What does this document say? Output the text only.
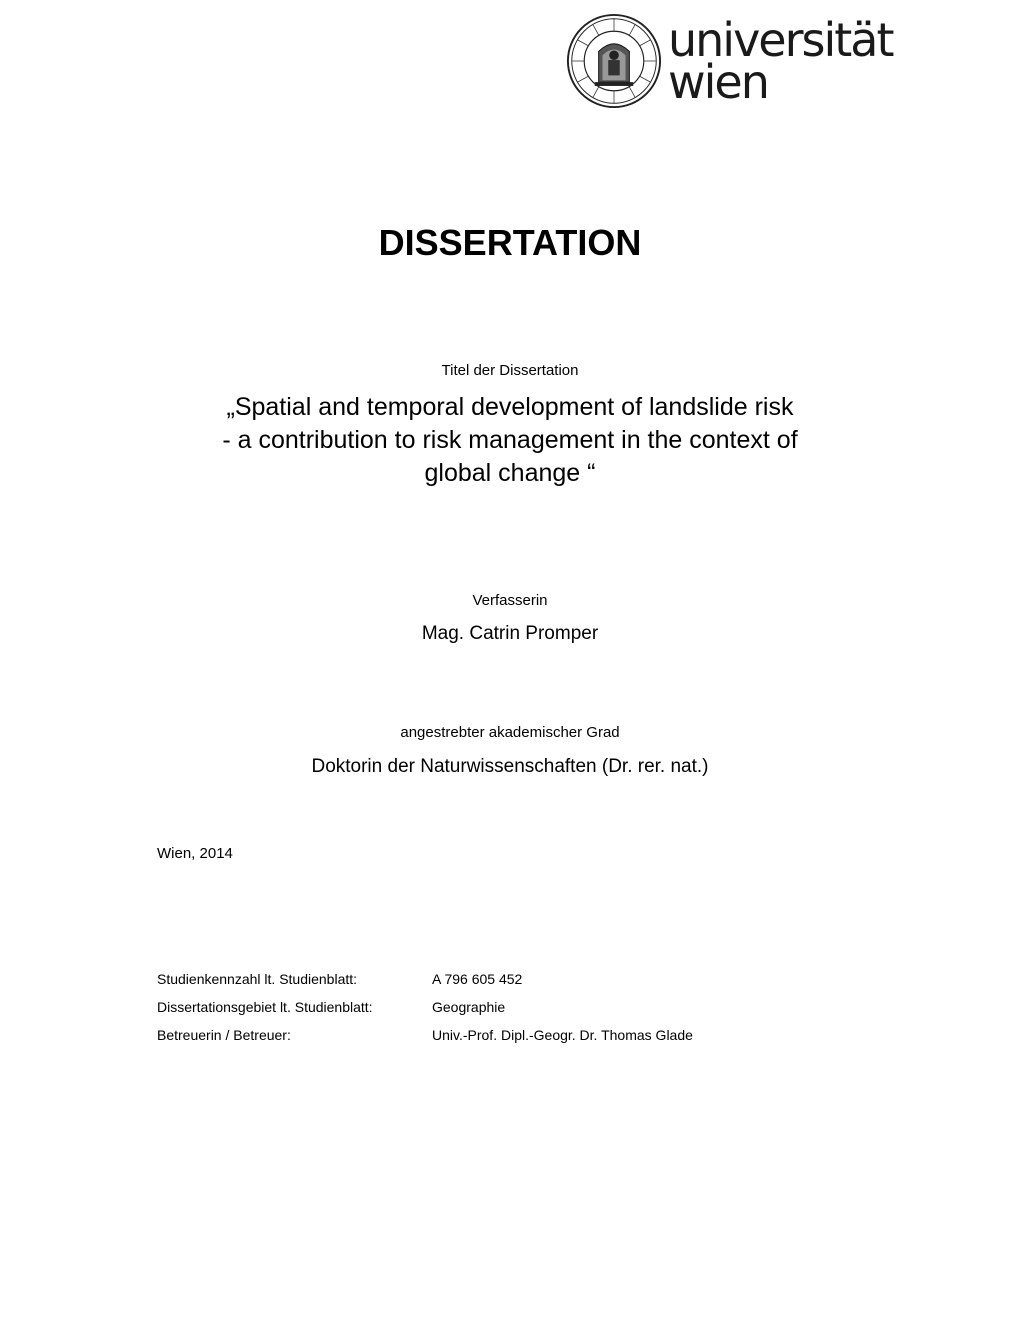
universität
wien
DISSERTATION
Titel der Dissertation
„Spatial and temporal development of landslide risk
- a contribution to risk management in the context of
global change “
Verfasserin
Mag. Catrin Promper
angestrebter akademischer Grad
Doktorin der Naturwissenschaften (Dr. rer. nat.)
Wien, 2014
Studienkennzahl lt. Studienblatt:	A 796 605 452
Dissertationsgebiet lt. Studienblatt:	Geographie
Betreuerin / Betreuer:	Univ.-Prof. Dipl.-Geogr. Dr. Thomas Glade
